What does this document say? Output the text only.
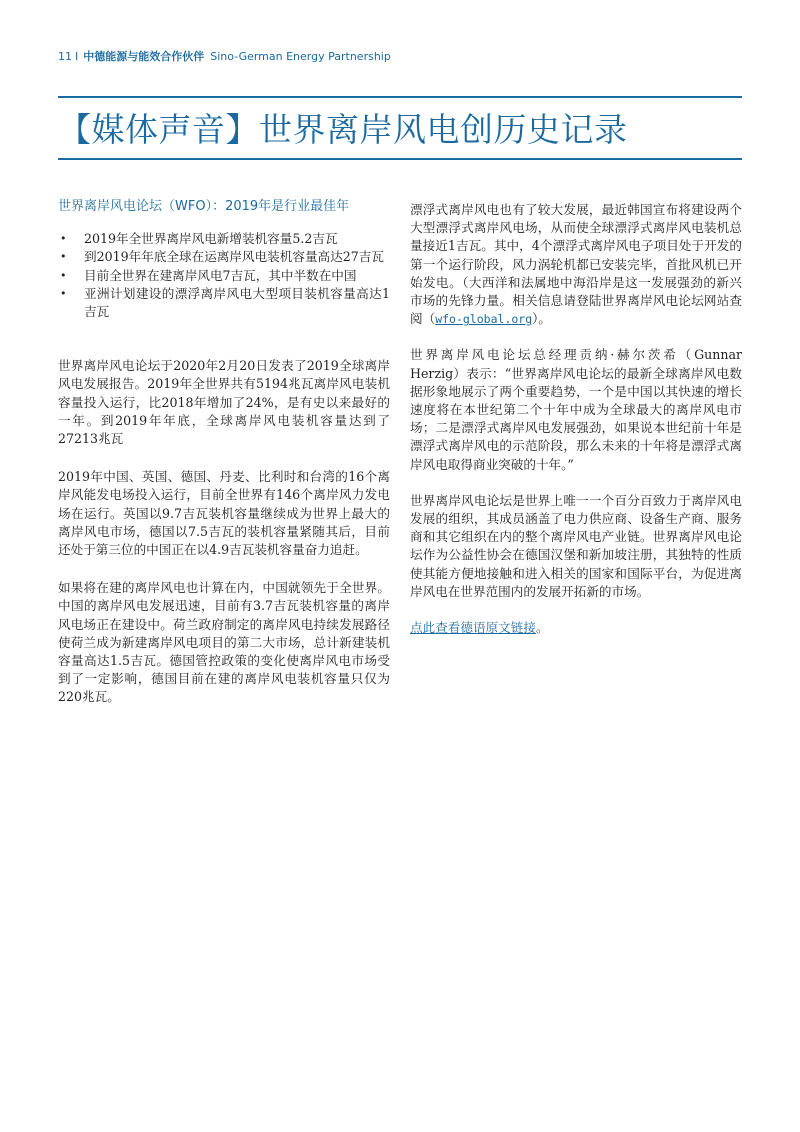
11 I 中德能源与能效合作伙伴 Sino-German Energy Partnership
【媒体声音】世界离岸风电创历史记录
世界离岸风电论坛（WFO）：2019年是行业最佳年
• 2019年全世界离岸风电新增装机容量5.2吉瓦
• 到2019年年底全球在运离岸风电装机容量高达27吉瓦
• 目前全世界在建离岸风电7吉瓦，其中半数在中国
• 亚洲计划建设的漂浮离岸风电大型项目装机容量高达1吉瓦

世界离岸风电论坛于2020年2月20日发表了2019全球离岸风电发展报告。2019年全世界共有5194兆瓦离岸风电装机容量投入运行，比2018年增加了24%，是有史以来最好的一年。到2019年年底，全球离岸风电装机容量达到了27213兆瓦

2019年中国、英国、德国、丹麦、比利时和台湾的16个离岸风能发电场投入运行，目前全世界有146个离岸风力发电场在运行。英国以9.7吉瓦装机容量继续成为世界上最大的离岸风电市场，德国以7.5吉瓦的装机容量紧随其后，目前还处于第三位的中国正在以4.9吉瓦装机容量奋力追赶。

如果将在建的离岸风电也计算在内，中国就领先于全世界。中国的离岸风电发展迅速，目前有3.7吉瓦装机容量的离岸风电场正在建设中。荷兰政府制定的离岸风电持续发展路径使荷兰成为新建离岸风电项目的第二大市场，总计新建装机容量高达1.5吉瓦。德国管控政策的变化使离岸风电市场受到了一定影响，德国目前在建的离岸风电装机容量只仅为220兆瓦。

漂浮式离岸风电也有了较大发展，最近韩国宣布将建设两个大型漂浮式离岸风电场，从而使全球漂浮式离岸风电装机总量接近1吉瓦。其中，4个漂浮式离岸风电子项目处于开发的第一个运行阶段，风力涡轮机都已安装完毕，首批风机已开始发电。（大西洋和法属地中海沿岸是这一发展强劲的新兴市场的先锋力量。相关信息请登陆世界离岸风电论坛网站查阅（wfo-global.org）。

世界离岸风电论坛总经理贡纳·赫尔茨希（Gunnar Herzig）表示：“世界离岸风电论坛的最新全球离岸风电数据形象地展示了两个重要趋势，一个是中国以其快速的增长速度将在本世纪第二个十年中成为全球最大的离岸风电市场；二是漂浮式离岸风电发展强劲，如果说本世纪前十年是漂浮式离岸风电的示范阶段，那么未来的十年将是漂浮式离岸风电取得商业突破的十年。”

世界离岸风电论坛是世界上唯一一个百分百致力于离岸风电发展的组织，其成员涵盖了电力供应商、设备生产商、服务商和其它组织在内的整个离岸风电产业链。世界离岸风电论坛作为公益性协会在德国汉堡和新加坡注册，其独特的性质使其能方便地接触和进入相关的国家和国际平台，为促进离岸风电在世界范围内的发展开拓新的市场。

点此查看德语原文链接。
